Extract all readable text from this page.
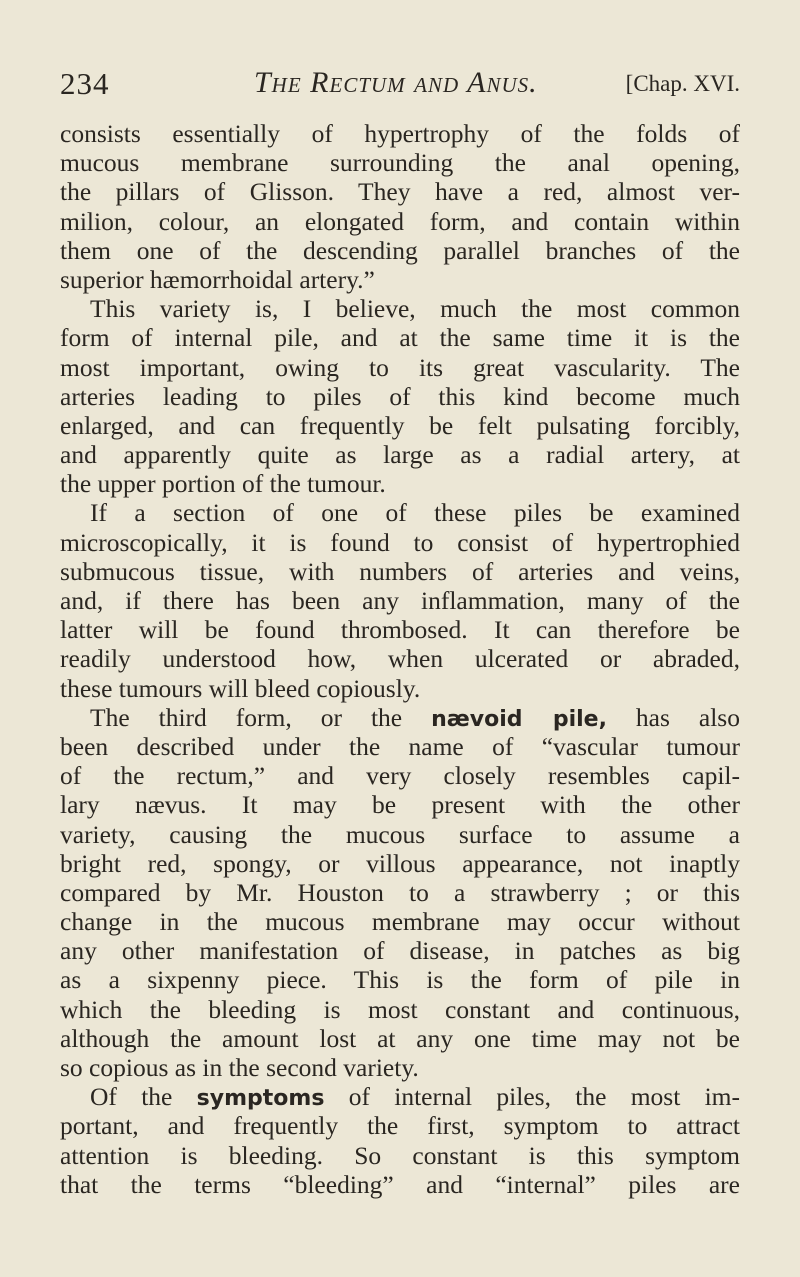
234	The Rectum and Anus.	[Chap. XVI.
consists essentially of hypertrophy of the folds of
mucous membrane surrounding the anal opening,
the pillars of Glisson. They have a red, almost ver-
milion, colour, an elongated form, and contain within
them one of the descending parallel branches of the
superior hæmorrhoidal artery.”
This variety is, I believe, much the most common
form of internal pile, and at the same time it is the
most important, owing to its great vascularity. The
arteries leading to piles of this kind become much
enlarged, and can frequently be felt pulsating forcibly,
and apparently quite as large as a radial artery, at
the upper portion of the tumour.
If a section of one of these piles be examined
microscopically, it is found to consist of hypertrophied
submucous tissue, with numbers of arteries and veins,
and, if there has been any inflammation, many of the
latter will be found thrombosed. It can therefore be
readily understood how, when ulcerated or abraded,
these tumours will bleed copiously.
The third form, or the nævoid pile, has also
been described under the name of “vascular tumour
of the rectum,” and very closely resembles capil-
lary nævus. It may be present with the other
variety, causing the mucous surface to assume a
bright red, spongy, or villous appearance, not inaptly
compared by Mr. Houston to a strawberry ; or this
change in the mucous membrane may occur without
any other manifestation of disease, in patches as big
as a sixpenny piece. This is the form of pile in
which the bleeding is most constant and continuous,
although the amount lost at any one time may not be
so copious as in the second variety.
Of the symptoms of internal piles, the most im-
portant, and frequently the first, symptom to attract
attention is bleeding. So constant is this symptom
that the terms “bleeding” and “internal” piles are
